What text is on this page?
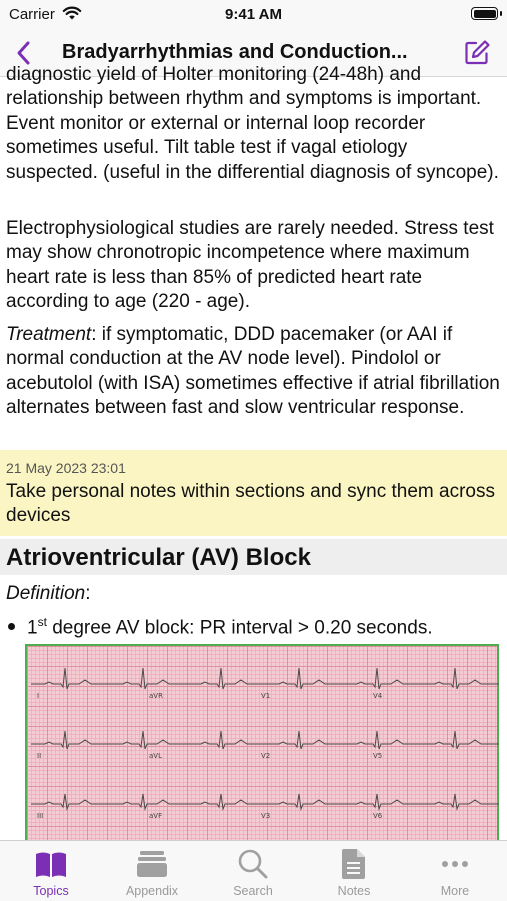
Carrier	9:41 AM
Bradyarrhythmias and Conduction...
diagnostic yield of Holter monitoring (24-48h) and
relationship between rhythm and symptoms is important. Event monitor or external or internal loop recorder sometimes useful. Tilt table test if vagal etiology suspected. (useful in the differential diagnosis of syncope).
Electrophysiological studies are rarely needed. Stress test may show chronotropic incompetence where maximum heart rate is less than 85% of predicted heart rate according to age (220 - age).
Treatment: if symptomatic, DDD pacemaker (or AAI if normal conduction at the AV node level). Pindolol or acebutolol (with ISA) sometimes effective if atrial fibrillation alternates between fast and slow ventricular response.
21 May 2023 23:01
Take personal notes within sections and sync them across devices
Atrioventricular (AV) Block
Definition:
1st degree AV block: PR interval > 0.20 seconds.
I	aVR	V1	V4
II	aVL	V2	V5
III	aVF	V3	V6
Topics	Appendix	Search	Notes	More
